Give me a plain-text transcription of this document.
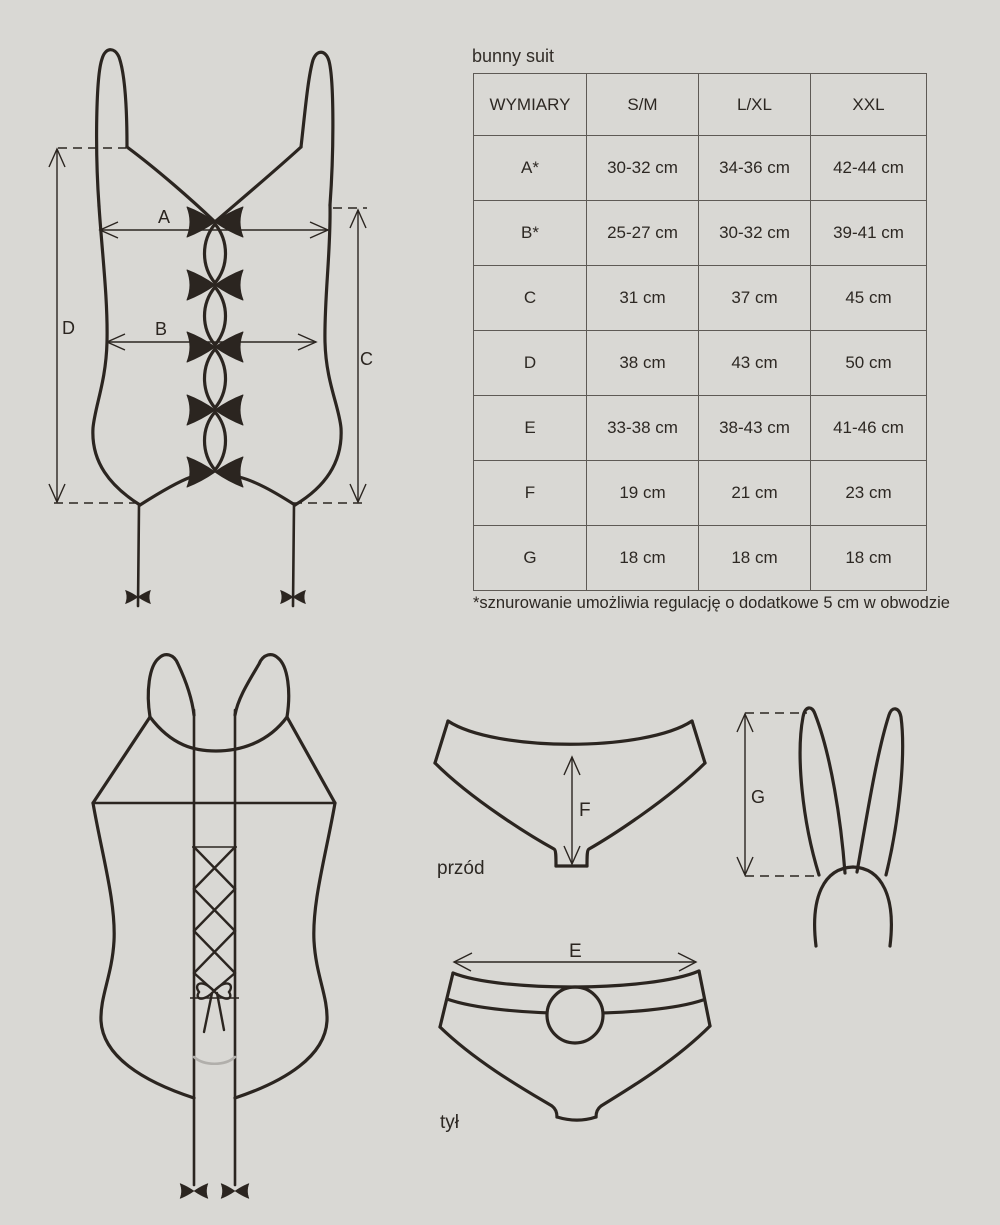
A
B
D
C
F
G
E
przód
tył
bunny suit
WYMIARY	S/M	L/XL	XXL
A*	30-32 cm	34-36 cm	42-44 cm
B*	25-27 cm	30-32 cm	39-41 cm
C	31 cm	37 cm	45 cm
D	38 cm	43 cm	50 cm
E	33-38 cm	38-43 cm	41-46 cm
F	19 cm	21 cm	23 cm
G	18 cm	18 cm	18 cm
*sznurowanie umożliwia regulację o dodatkowe 5 cm w obwodzie
